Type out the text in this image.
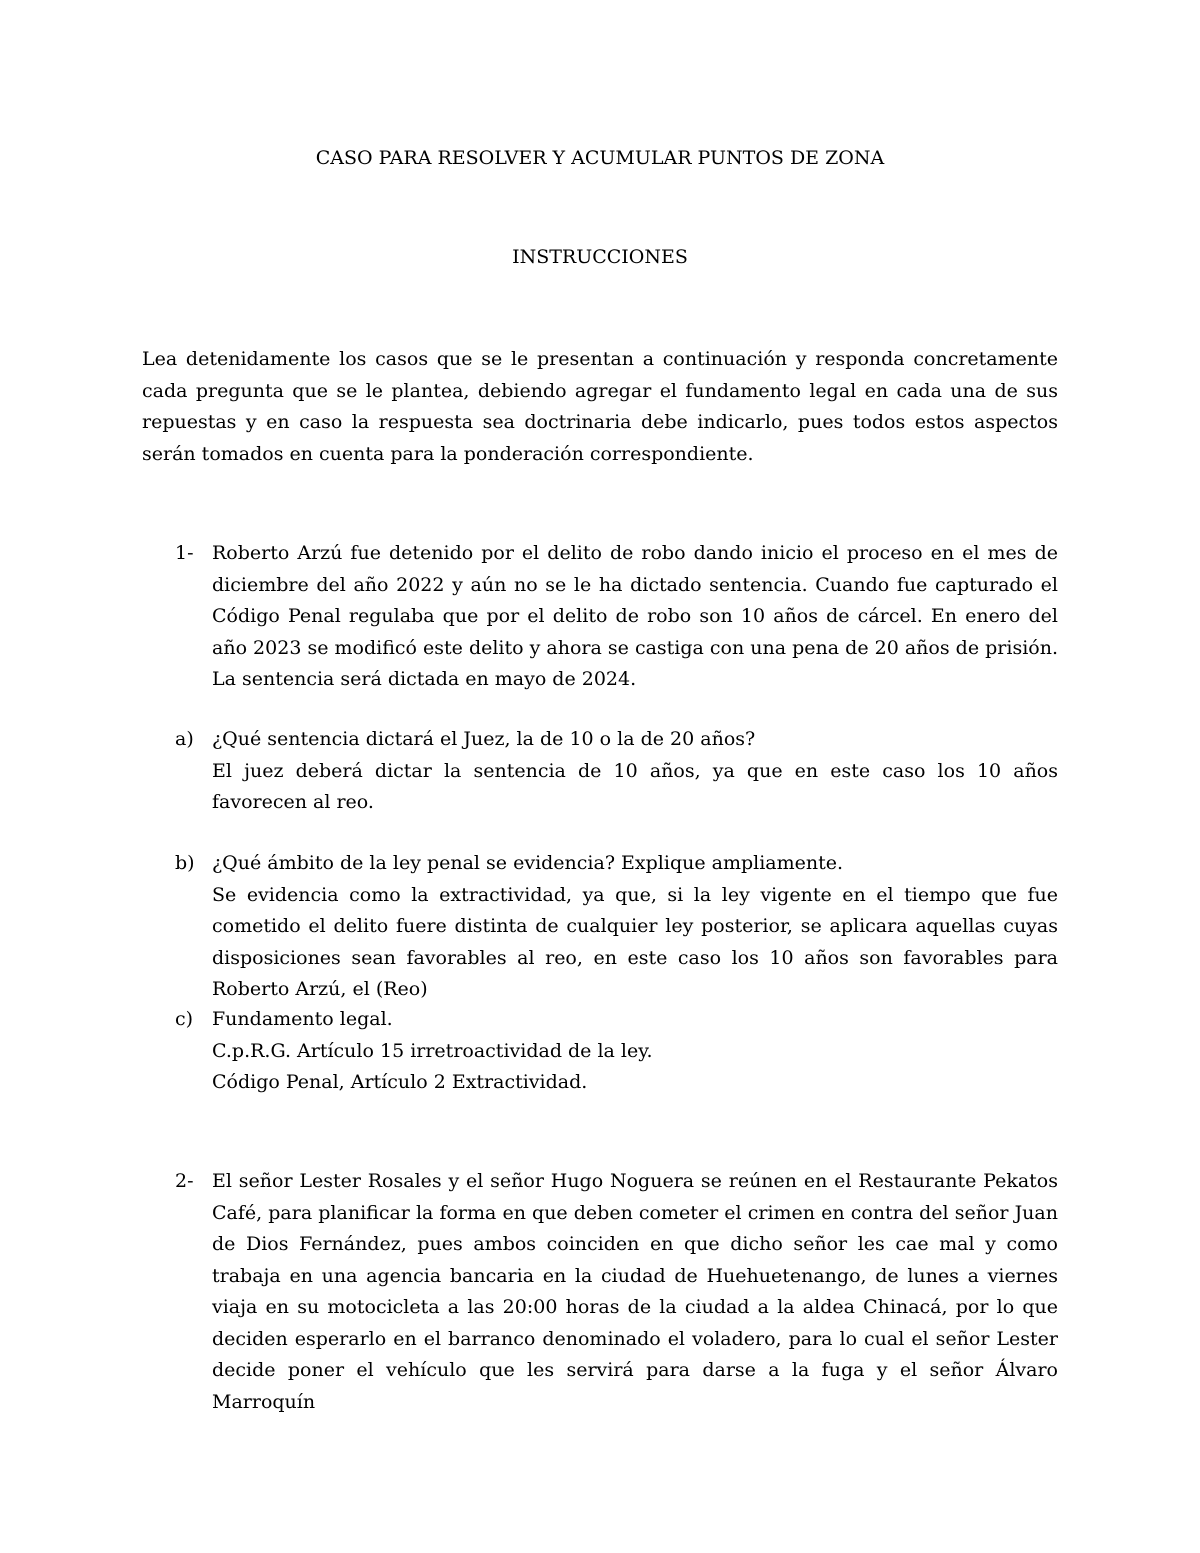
CASO PARA RESOLVER Y ACUMULAR PUNTOS DE ZONA
INSTRUCCIONES
Lea detenidamente los casos que se le presentan a continuación y responda concretamente cada pregunta que se le plantea, debiendo agregar el fundamento legal en cada una de sus repuestas y en caso la respuesta sea doctrinaria debe indicarlo, pues todos estos aspectos serán tomados en cuenta para la ponderación correspondiente.
1- Roberto Arzú fue detenido por el delito de robo dando inicio el proceso en el mes de diciembre del año 2022 y aún no se le ha dictado sentencia. Cuando fue capturado el Código Penal regulaba que por el delito de robo son 10 años de cárcel. En enero del año 2023 se modificó este delito y ahora se castiga con una pena de 20 años de prisión. La sentencia será dictada en mayo de 2024.
a) ¿Qué sentencia dictará el Juez, la de 10 o la de 20 años?
El juez deberá dictar la sentencia de 10 años, ya que en este caso los 10 años favorecen al reo.
b) ¿Qué ámbito de la ley penal se evidencia? Explique ampliamente.
Se evidencia como la extractividad, ya que, si la ley vigente en el tiempo que fue cometido el delito fuere distinta de cualquier ley posterior, se aplicara aquellas cuyas disposiciones sean favorables al reo, en este caso los 10 años son favorables para Roberto Arzú, el (Reo)
c) Fundamento legal.
C.p.R.G. Artículo 15 irretroactividad de la ley.
Código Penal, Artículo 2 Extractividad.
2- El señor Lester Rosales y el señor Hugo Noguera se reúnen en el Restaurante Pekatos Café, para planificar la forma en que deben cometer el crimen en contra del señor Juan de Dios Fernández, pues ambos coinciden en que dicho señor les cae mal y como trabaja en una agencia bancaria en la ciudad de Huehuetenango, de lunes a viernes viaja en su motocicleta a las 20:00 horas de la ciudad a la aldea Chinacá, por lo que deciden esperarlo en el barranco denominado el voladero, para lo cual el señor Lester decide poner el vehículo que les servirá para darse a la fuga y el señor Álvaro Marroquín
